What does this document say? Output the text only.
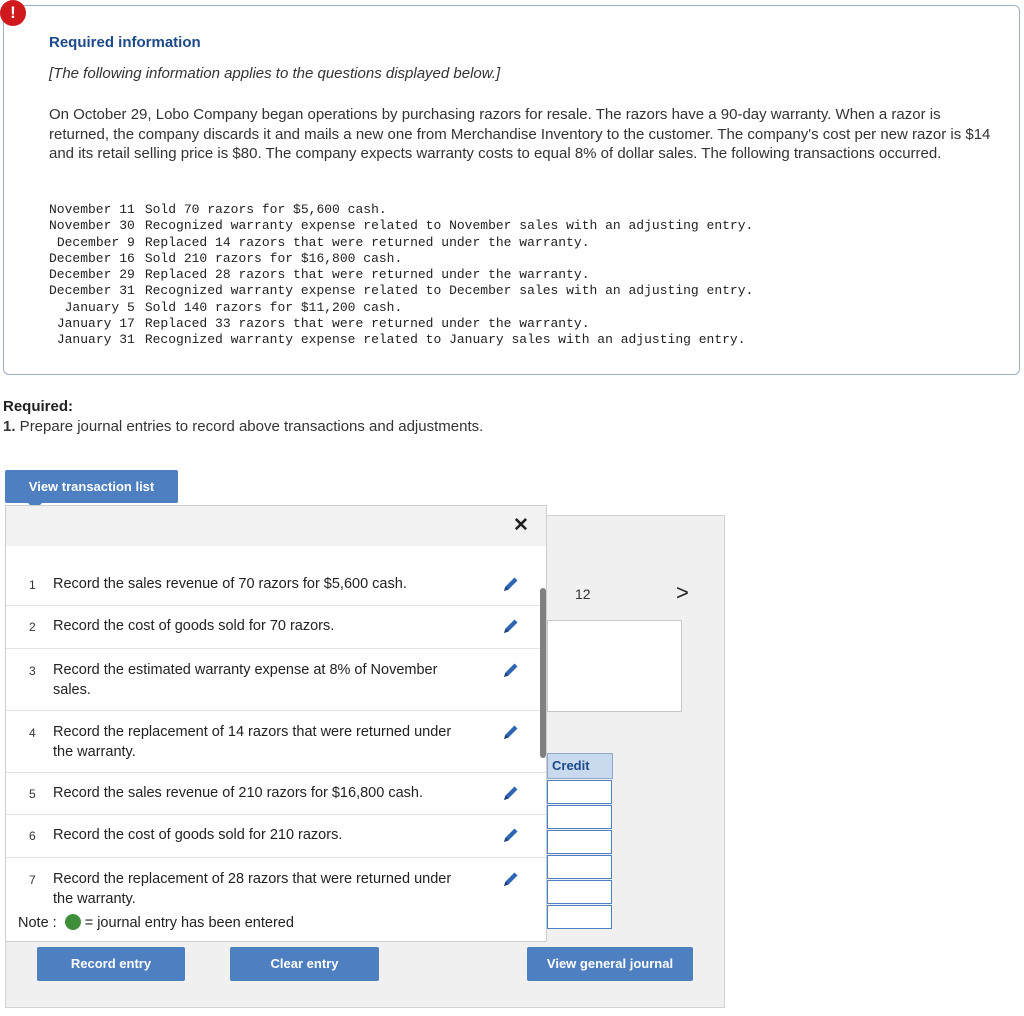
!
Required information
[The following information applies to the questions displayed below.]
On October 29, Lobo Company began operations by purchasing razors for resale. The razors have a 90-day warranty. When a razor is returned, the company discards it and mails a new one from Merchandise Inventory to the customer. The company's cost per new razor is $14 and its retail selling price is $80. The company expects warranty costs to equal 8% of dollar sales. The following transactions occurred.
November 11	Sold 70 razors for $5,600 cash.
November 30	Recognized warranty expense related to November sales with an adjusting entry.
December 9	Replaced 14 razors that were returned under the warranty.
December 16	Sold 210 razors for $16,800 cash.
December 29	Replaced 28 razors that were returned under the warranty.
December 31	Recognized warranty expense related to December sales with an adjusting entry.
January 5	Sold 140 razors for $11,200 cash.
January 17	Replaced 33 razors that were returned under the warranty.
January 31	Recognized warranty expense related to January sales with an adjusting entry.
Required:
1. Prepare journal entries to record above transactions and adjustments.
View transaction list
12	>
Credit
✕
1 Record the sales revenue of 70 razors for $5,600 cash.
2 Record the cost of goods sold for 70 razors.
3 Record the estimated warranty expense at 8% of November sales.
4 Record the replacement of 14 razors that were returned under the warranty.
5 Record the sales revenue of 210 razors for $16,800 cash.
6 Record the cost of goods sold for 210 razors.
7 Record the replacement of 28 razors that were returned under the warranty.
Note : = journal entry has been entered
Record entry	Clear entry	View general journal
